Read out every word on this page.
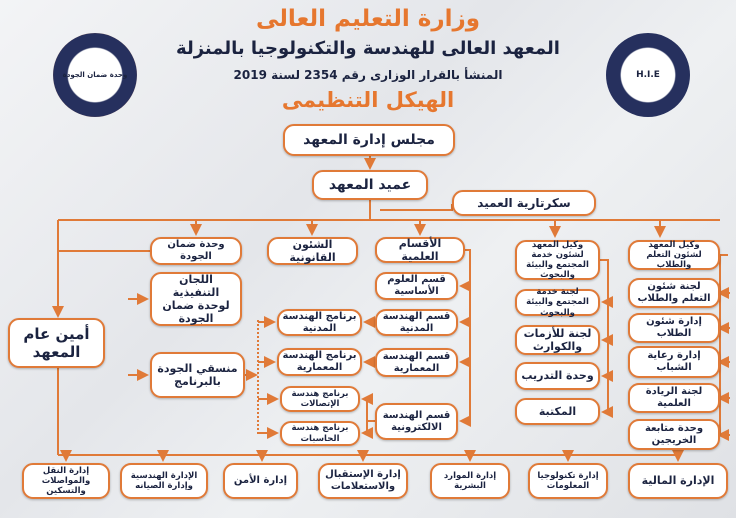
وزارة التعليم العالى
المعهد العالى للهندسة والتكنولوجيا بالمنزلة
المنشأ بالقرار الوزارى رقم 2354 لسنة 2019
الهيكل التنظيمى
وحدة ضمان الجودة	H.I.E
مجلس إدارة المعهد
عميد المعهد
سكرتارية العميد
أمين عام المعهد
وكيل المعهد لشئون التعلم والطلاب
لجنة شئون التعلم والطلاب
إدارة شئون الطلاب
إدارة رعاية الشباب
لجنة الريادة العلمية
وحدة متابعة الخريجين
وكيل المعهد لشئون خدمة المجتمع والبيئة والبحوث
لجنة خدمة المجتمع والبيئة والبحوث
لجنة للأزمات والكوارث
وحدة التدريب
المكتبة
الأقسام العلمية
قسم العلوم الأساسية
قسم الهندسة المدنية
قسم الهندسة المعمارية
قسم الهندسة الالكترونية
برنامج الهندسة المدنية
برنامج الهندسة المعمارية
برنامج هندسة الإتصالات
برنامج هندسة الحاسبات
الشئون القانونية
وحدة ضمان الجودة
اللجان التنفيذية لوحدة ضمان الجودة
منسقي الجودة بالبرنامج
الإدارة المالية
إدارة تكنولوجيا المعلومات
إدارة الموارد البشرية
إدارة الإستقبال والاستعلامات
إدارة الأمن
الإدارة الهندسية وإدارة الصيانه
إدارة النقل والمواصلات والتسكين
